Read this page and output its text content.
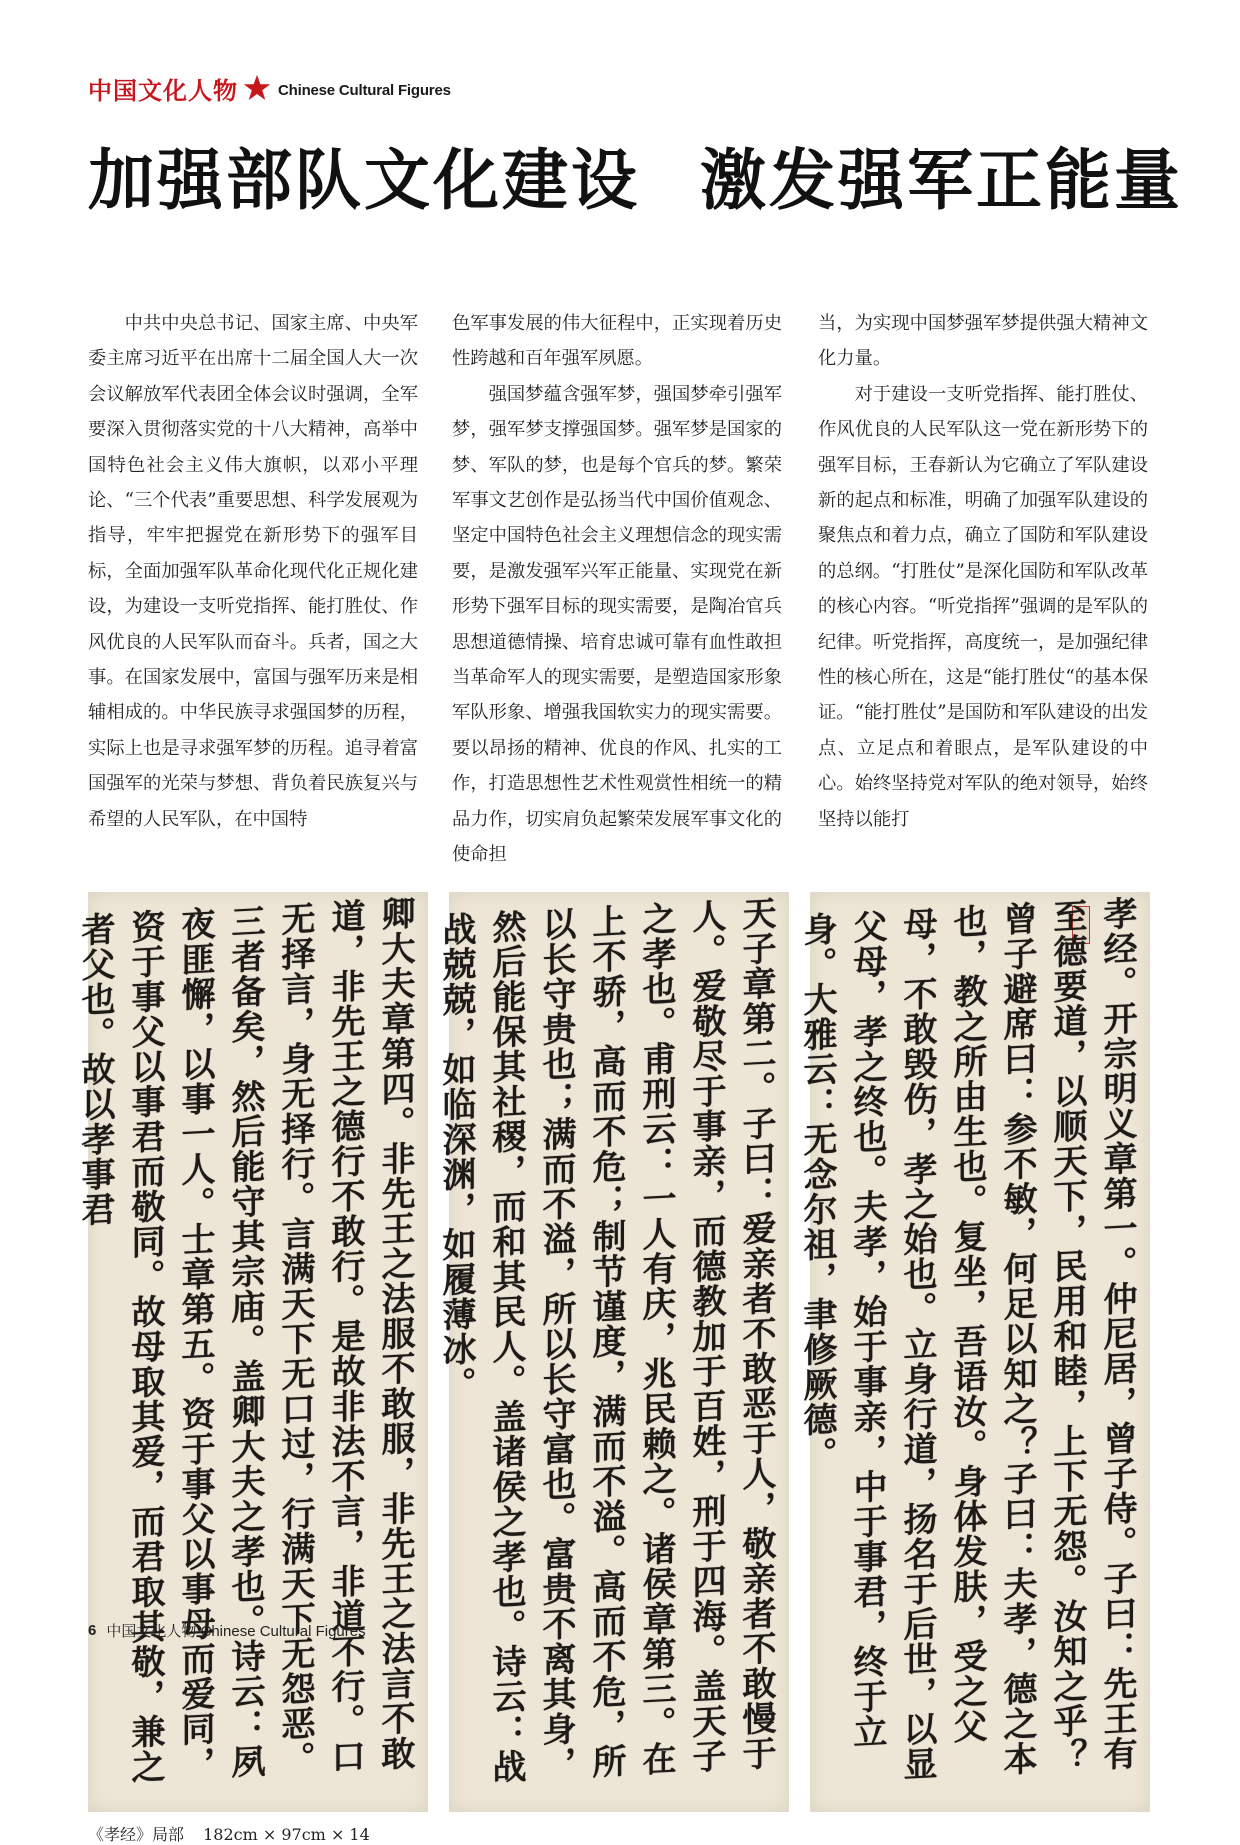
中国文化人物	Chinese Cultural Figures
加强部队文化建设 激发强军正能量

中共中央总书记、国家主席、中央军委主席习近平在出席十二届全国人大一次会议解放军代表团全体会议时强调，全军要深入贯彻落实党的十八大精神，高举中国特色社会主义伟大旗帜，以邓小平理论、“三个代表”重要思想、科学发展观为指导，牢牢把握党在新形势下的强军目标，全面加强军队革命化现代化正规化建设，为建设一支听党指挥、能打胜仗、作风优良的人民军队而奋斗。兵者，国之大事。在国家发展中，富国与强军历来是相辅相成的。中华民族寻求强国梦的历程，实际上也是寻求强军梦的历程。追寻着富国强军的光荣与梦想、背负着民族复兴与希望的人民军队，在中国特

色军事发展的伟大征程中，正实现着历史性跨越和百年强军夙愿。

强国梦蕴含强军梦，强国梦牵引强军梦，强军梦支撑强国梦。强军梦是国家的梦、军队的梦，也是每个官兵的梦。繁荣军事文艺创作是弘扬当代中国价值观念、坚定中国特色社会主义理想信念的现实需要，是激发强军兴军正能量、实现党在新形势下强军目标的现实需要，是陶冶官兵思想道德情操、培育忠诚可靠有血性敢担当革命军人的现实需要，是塑造国家形象军队形象、增强我国软实力的现实需要。要以昂扬的精神、优良的作风、扎实的工作，打造思想性艺术性观赏性相统一的精品力作，切实肩负起繁荣发展军事文化的使命担

当，为实现中国梦强军梦提供强大精神文化力量。

对于建设一支听党指挥、能打胜仗、作风优良的人民军队这一党在新形势下的强军目标，王春新认为它确立了军队建设新的起点和标准，明确了加强军队建设的聚焦点和着力点，确立了国防和军队建设的总纲。“打胜仗”是深化国防和军队改革的核心内容。“听党指挥”强调的是军队的纪律。听党指挥，高度统一，是加强纪律性的核心所在，这是“能打胜仗“的基本保证。“能打胜仗”是国防和军队建设的出发点、立足点和着眼点，是军队建设的中心。始终坚持党对军队的绝对领导，始终坚持以能打

卿大夫章第四。非先王之法服不敢服，非先王之法言不敢道，非先王之德行不敢行。是故非法不言，非道不行。口无择言，身无择行。言满天下无口过，行满天下无怨恶。三者备矣，然后能守其宗庙。盖卿大夫之孝也。诗云：夙夜匪懈，以事一人。士章第五。资于事父以事母而爱同，资于事父以事君而敬同。故母取其爱，而君取其敬，兼之者父也。故以孝事君	天子章第二。子曰：爱亲者不敢恶于人，敬亲者不敢慢于人。爱敬尽于事亲，而德教加于百姓，刑于四海。盖天子之孝也。甫刑云：一人有庆，兆民赖之。诸侯章第三。在上不骄，高而不危；制节谨度，满而不溢。高而不危，所以长守贵也；满而不溢，所以长守富也。富贵不离其身，然后能保其社稷，而和其民人。盖诸侯之孝也。诗云：战战兢兢，如临深渊，如履薄冰。	孝经。开宗明义章第一。仲尼居，曾子侍。子曰：先王有至德要道，以顺天下，民用和睦，上下无怨。汝知之乎？曾子避席曰：参不敏，何足以知之？子曰：夫孝，德之本也，教之所由生也。复坐，吾语汝。身体发肤，受之父母，不敢毁伤，孝之始也。立身行道，扬名于后世，以显父母，孝之终也。夫孝，始于事亲，中于事君，终于立身。大雅云：无念尔祖，聿修厥德。
《孝经》局部 182cm × 97cm × 14
6 中国文化人物 Chinese Cultural Figures
